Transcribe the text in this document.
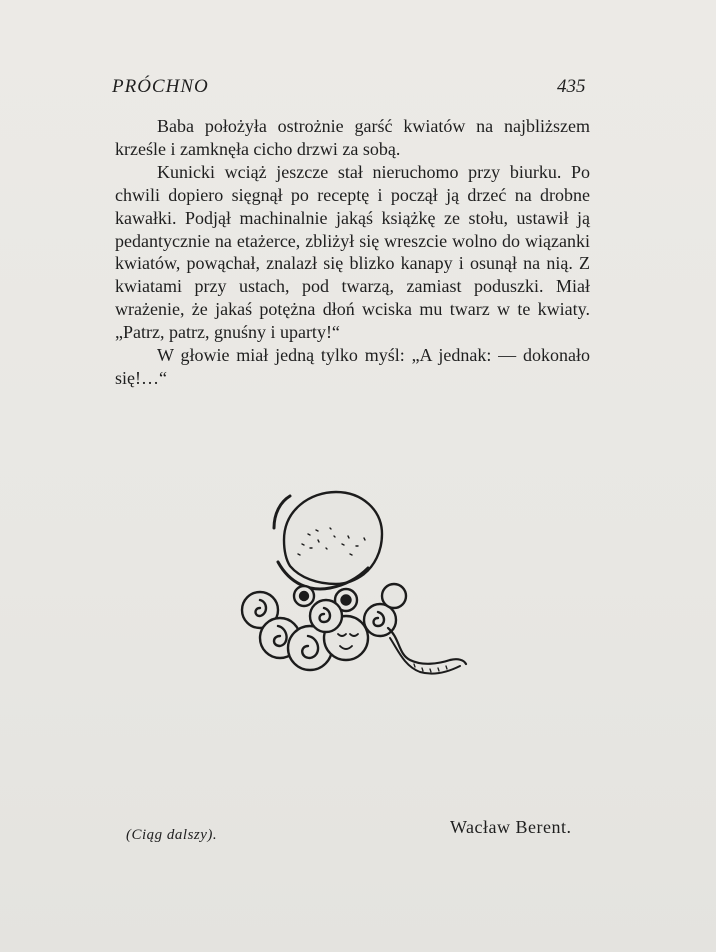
PRÓCHNO	435

Baba położyła ostrożnie garść kwiatów na najbliższem krześle i zamknęła cicho drzwi za sobą.

Kunicki wciąż jeszcze stał nieruchomo przy biurku. Po chwili dopiero sięgnął po receptę i począł ją drzeć na drobne kawałki. Podjął machinalnie jakąś książkę ze stołu, ustawił ją pedantycznie na etażerce, zbliżył się wreszcie wolno do wiązanki kwiatów, powąchał, znalazł się blizko kanapy i osunął na nią. Z kwiatami przy ustach, pod twarzą, zamiast poduszki. Miał wrażenie, że jakaś potężna dłoń wciska mu twarz w te kwiaty. „Patrz, patrz, gnuśny i uparty!“

W głowie miał jedną tylko myśl: „A jednak: — dokonało się!…“

(Ciąg dalszy).	Wacław Berent.
